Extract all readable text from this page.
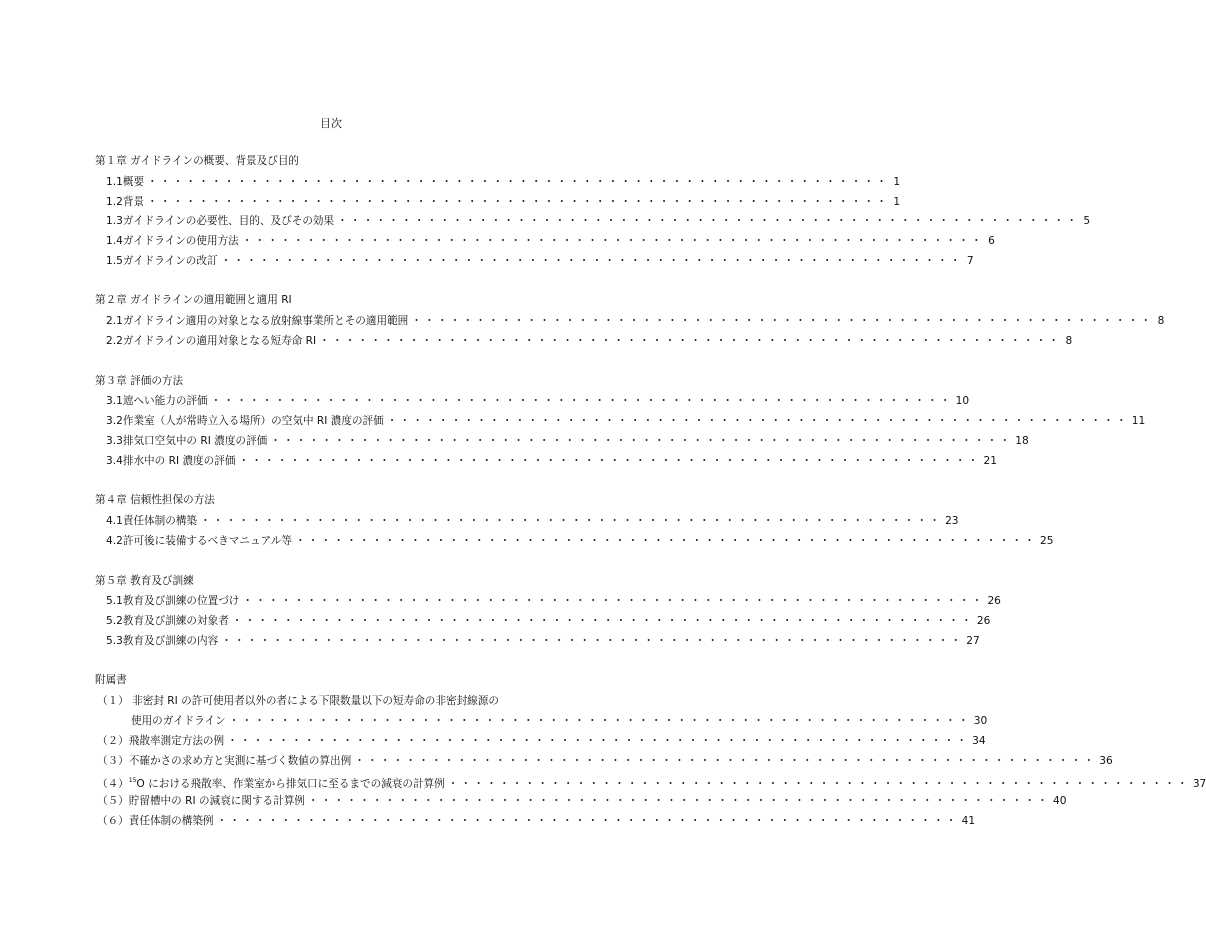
目次
第１章 ガイドラインの概要、背景及び目的
1.1 概要 ・・・・・・・・・・・・・・・・・・・・・・・・・・・・・・・・・・・・・・・・・・・・・・・・・・・・・・・・・・ 1
1.2 背景 ・・・・・・・・・・・・・・・・・・・・・・・・・・・・・・・・・・・・・・・・・・・・・・・・・・・・・・・・・・ 1
1.3 ガイドラインの必要性、目的、及びその効果 ・・・・・・・・・・・・・・・・・・・・・・・・・・・・・・・・・・・・・・・・・・・・・・・・・・・・・・・・・・ 5
1.4 ガイドラインの使用方法 ・・・・・・・・・・・・・・・・・・・・・・・・・・・・・・・・・・・・・・・・・・・・・・・・・・・・・・・・・・ 6
1.5 ガイドラインの改訂 ・・・・・・・・・・・・・・・・・・・・・・・・・・・・・・・・・・・・・・・・・・・・・・・・・・・・・・・・・・ 7
第２章 ガイドラインの適用範囲と適用 RI
2.1 ガイドライン適用の対象となる放射線事業所とその適用範囲 ・・・・・・・・・・・・・・・・・・・・・・・・・・・・・・・・・・・・・・・・・・・・・・・・・・・・・・・・・・ 8
2.2 ガイドラインの適用対象となる短寿命 RI ・・・・・・・・・・・・・・・・・・・・・・・・・・・・・・・・・・・・・・・・・・・・・・・・・・・・・・・・・・ 8
第３章 評価の方法
3.1 遮へい能力の評価 ・・・・・・・・・・・・・・・・・・・・・・・・・・・・・・・・・・・・・・・・・・・・・・・・・・・・・・・・・・ 10
3.2 作業室（人が常時立入る場所）の空気中 RI 濃度の評価 ・・・・・・・・・・・・・・・・・・・・・・・・・・・・・・・・・・・・・・・・・・・・・・・・・・・・・・・・・・ 11
3.3 排気口空気中の RI 濃度の評価 ・・・・・・・・・・・・・・・・・・・・・・・・・・・・・・・・・・・・・・・・・・・・・・・・・・・・・・・・・・ 18
3.4 排水中の RI 濃度の評価 ・・・・・・・・・・・・・・・・・・・・・・・・・・・・・・・・・・・・・・・・・・・・・・・・・・・・・・・・・・ 21
第４章 信頼性担保の方法
4.1 責任体制の構築 ・・・・・・・・・・・・・・・・・・・・・・・・・・・・・・・・・・・・・・・・・・・・・・・・・・・・・・・・・・ 23
4.2 許可後に装備するべきマニュアル等 ・・・・・・・・・・・・・・・・・・・・・・・・・・・・・・・・・・・・・・・・・・・・・・・・・・・・・・・・・・ 25
第５章 教育及び訓練
5.1 教育及び訓練の位置づけ ・・・・・・・・・・・・・・・・・・・・・・・・・・・・・・・・・・・・・・・・・・・・・・・・・・・・・・・・・・ 26
5.2 教育及び訓練の対象者 ・・・・・・・・・・・・・・・・・・・・・・・・・・・・・・・・・・・・・・・・・・・・・・・・・・・・・・・・・・ 26
5.3 教育及び訓練の内容 ・・・・・・・・・・・・・・・・・・・・・・・・・・・・・・・・・・・・・・・・・・・・・・・・・・・・・・・・・・ 27
附属書
（１） 非密封 RI の許可使用者以外の者による下限数量以下の短寿命の非密封線源の
使用のガイドライン ・・・・・・・・・・・・・・・・・・・・・・・・・・・・・・・・・・・・・・・・・・・・・・・・・・・・・・・・・・ 30
（２） 飛散率測定方法の例 ・・・・・・・・・・・・・・・・・・・・・・・・・・・・・・・・・・・・・・・・・・・・・・・・・・・・・・・・・・ 34
（３） 不確かさの求め方と実測に基づく数値の算出例 ・・・・・・・・・・・・・・・・・・・・・・・・・・・・・・・・・・・・・・・・・・・・・・・・・・・・・・・・・・ 36
（４） $^{15}$O における飛散率、作業室から排気口に至るまでの減衰の計算例 ・・・・・・・・・・・・・・・・・・・・・・・・・・・・・・・・・・・・・・・・・・・・・・・・・・・・・・・・・・ 37
（５） 貯留槽中の RI の減衰に関する計算例 ・・・・・・・・・・・・・・・・・・・・・・・・・・・・・・・・・・・・・・・・・・・・・・・・・・・・・・・・・・ 40
（６） 責任体制の構築例 ・・・・・・・・・・・・・・・・・・・・・・・・・・・・・・・・・・・・・・・・・・・・・・・・・・・・・・・・・・ 41
